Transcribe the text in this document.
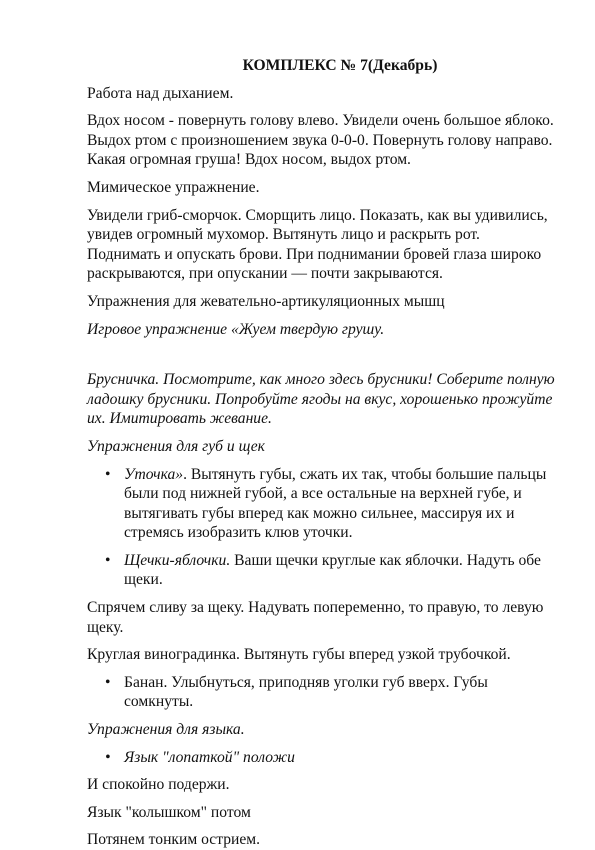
КОМПЛЕКС № 7(Декабрь)

Работа над дыханием.

Вдох носом - повернуть голову влево. Увидели очень большое яблоко. Выдох ртом с произношением звука 0-0-0. Повернуть голову направо. Какая огромная груша! Вдох носом, выдох ртом.

Мимическое упражнение.

Увидели гриб-сморчок. Сморщить лицо. Показать, как вы удивились, увидев огромный мухомор. Вытянуть лицо и раскрыть рот. Поднимать и опускать брови. При поднимании бровей глаза широко раскрываются, при опускании — почти закрываются.

Упражнения для жевательно-артикуляционных мышц

Игровое упражнение «Жуем твердую грушу.

Брусничка. Посмотрите, как много здесь брусники! Соберите полную ладошку брусники. Попробуйте ягоды на вкус, хорошенько прожуйте их. Имитировать жевание.

Упражнения для губ и щек

• Уточка». Вытянуть губы, сжать их так, чтобы большие пальцы были под нижней губой, а все остальные на верхней губе, и вытягивать губы вперед как можно сильнее, массируя их и стремясь изобразить клюв уточки.
• Щечки-яблочки. Ваши щечки круглые как яблочки. Надуть обе щеки.

Спрячем сливу за щеку. Надувать попеременно, то правую, то левую щеку.

Круглая виноградинка. Вытянуть губы вперед узкой трубочкой.

• Банан. Улыбнуться, приподняв уголки губ вверх. Губы сомкнуты.

Упражнения для языка.

• Язык "лопаткой" положи

И спокойно подержи.

Язык "колышком" потом

Потянем тонким острием.
